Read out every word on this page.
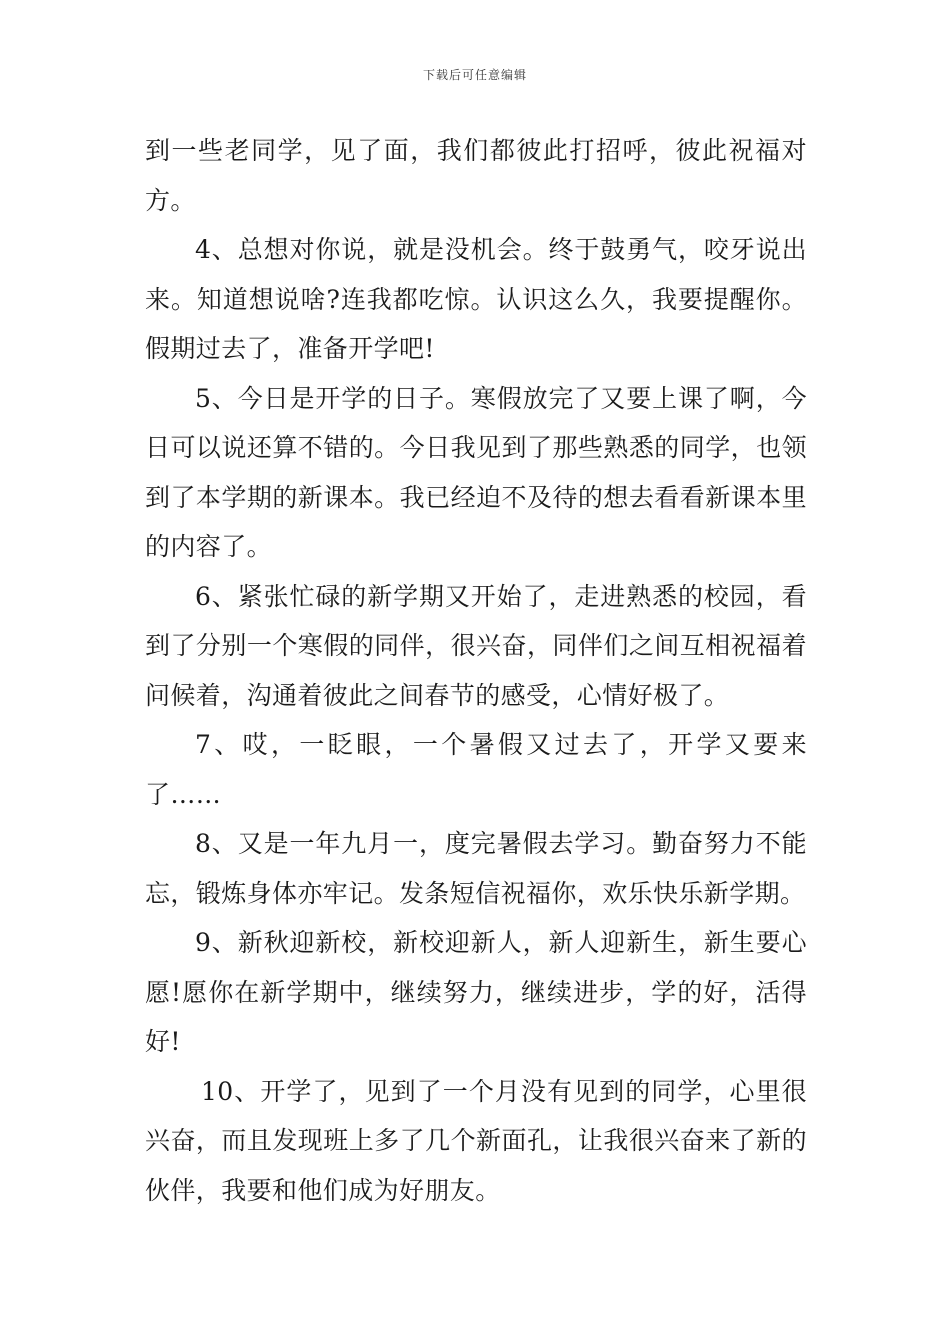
下载后可任意编辑

到一些老同学，见了面，我们都彼此打招呼，彼此祝福对方。

4、总想对你说，就是没机会。终于鼓勇气，咬牙说出来。知道想说啥?连我都吃惊。认识这么久，我要提醒你。假期过去了，准备开学吧!

5、今日是开学的日子。寒假放完了又要上课了啊，今日可以说还算不错的。今日我见到了那些熟悉的同学，也领到了本学期的新课本。我已经迫不及待的想去看看新课本里的内容了。

6、紧张忙碌的新学期又开始了，走进熟悉的校园，看到了分别一个寒假的同伴，很兴奋，同伴们之间互相祝福着问候着，沟通着彼此之间春节的感受，心情好极了。

7、哎，一眨眼，一个暑假又过去了，开学又要来了……

8、又是一年九月一，度完暑假去学习。勤奋努力不能忘，锻炼身体亦牢记。发条短信祝福你，欢乐快乐新学期。

9、新秋迎新校，新校迎新人，新人迎新生，新生要心愿!愿你在新学期中，继续努力，继续进步，学的好，活得好!

10、开学了，见到了一个月没有见到的同学，心里很兴奋，而且发现班上多了几个新面孔，让我很兴奋来了新的伙伴，我要和他们成为好朋友。
